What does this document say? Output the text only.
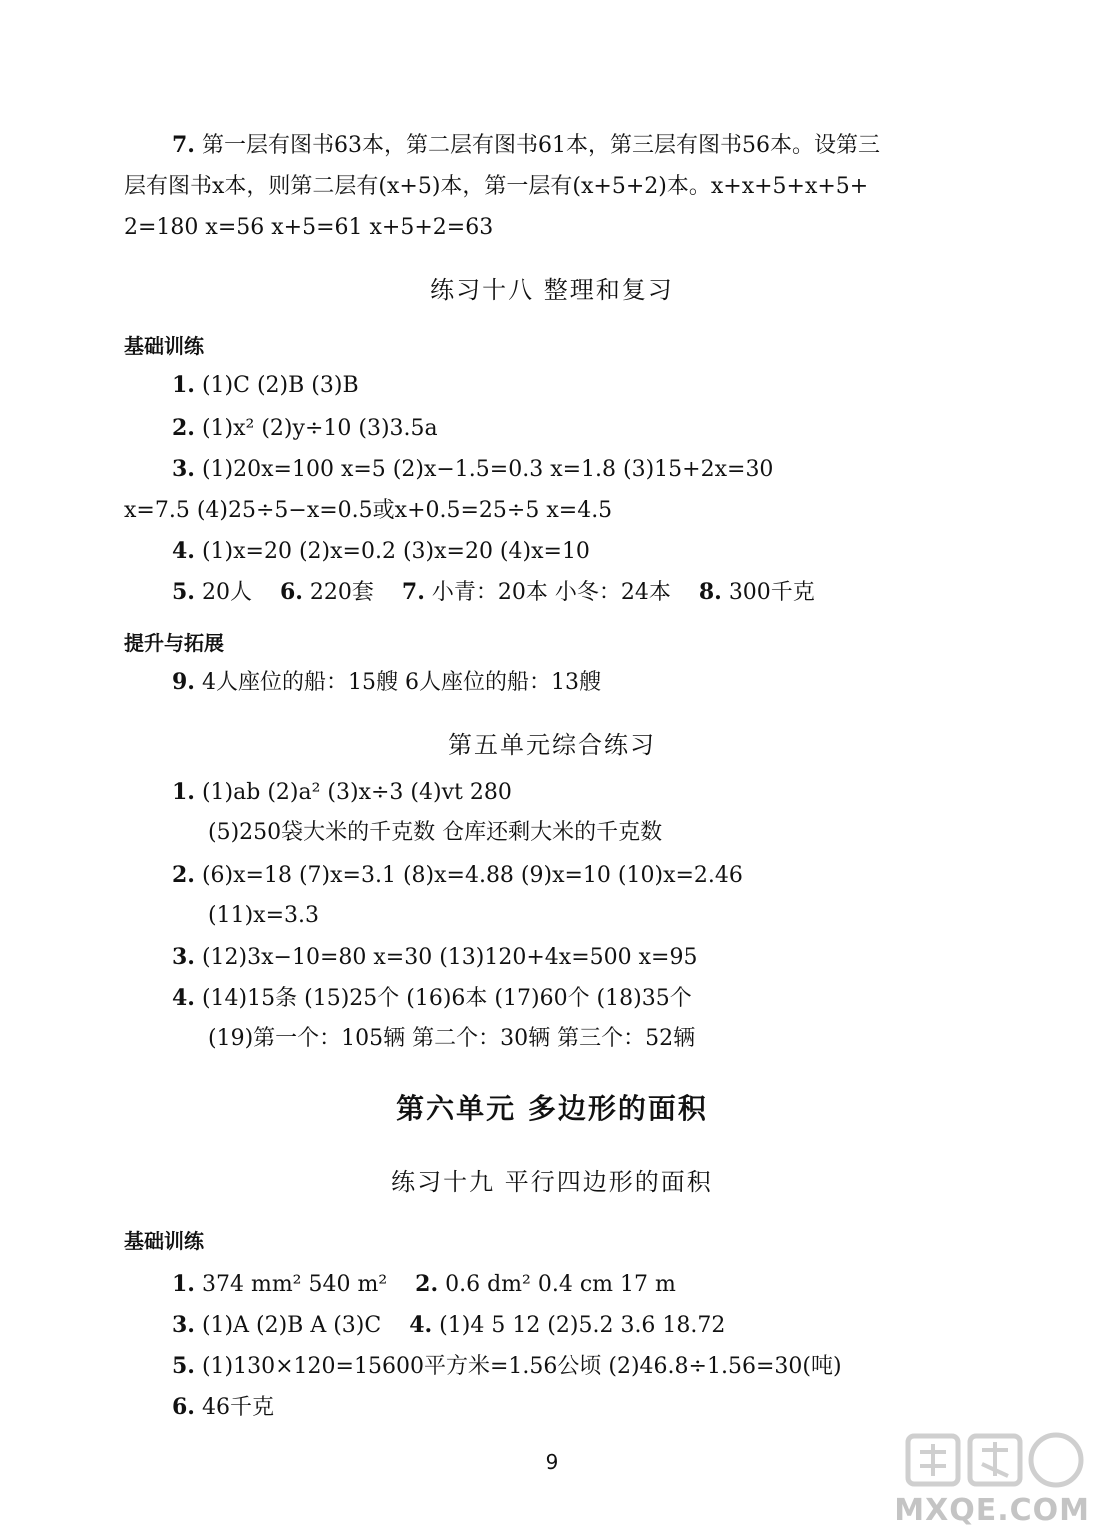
7. 第一层有图书63本，第二层有图书61本，第三层有图书56本。设第三
层有图书x本，则第二层有(x+5)本，第一层有(x+5+2)本。x+x+5+x+5+
2=180 x=56 x+5=61 x+5+2=63
练习十八 整理和复习
基础训练
1. (1)C (2)B (3)B
2. (1)x² (2)y÷10 (3)3.5a
3. (1)20x=100 x=5 (2)x−1.5=0.3 x=1.8 (3)15+2x=30
x=7.5 (4)25÷5−x=0.5或x+0.5=25÷5 x=4.5
4. (1)x=20 (2)x=0.2 (3)x=20 (4)x=10
5. 20人 6. 220套 7. 小青：20本 小冬：24本 8. 300千克
提升与拓展
9. 4人座位的船：15艘 6人座位的船：13艘
第五单元综合练习
1. (1)ab (2)a² (3)x÷3 (4)vt 280
(5)250袋大米的千克数 仓库还剩大米的千克数
2. (6)x=18 (7)x=3.1 (8)x=4.88 (9)x=10 (10)x=2.46
(11)x=3.3
3. (12)3x−10=80 x=30 (13)120+4x=500 x=95
4. (14)15条 (15)25个 (16)6本 (17)60个 (18)35个
(19)第一个：105辆 第二个：30辆 第三个：52辆
第六单元 多边形的面积
练习十九 平行四边形的面积
基础训练
1. 374 mm² 540 m² 2. 0.6 dm² 0.4 cm 17 m
3. (1)A (2)B A (3)C 4. (1)4 5 12 (2)5.2 3.6 18.72
5. (1)130×120=15600平方米=1.56公顷 (2)46.8÷1.56=30(吨)
6. 46千克
9
MXQE.COM
